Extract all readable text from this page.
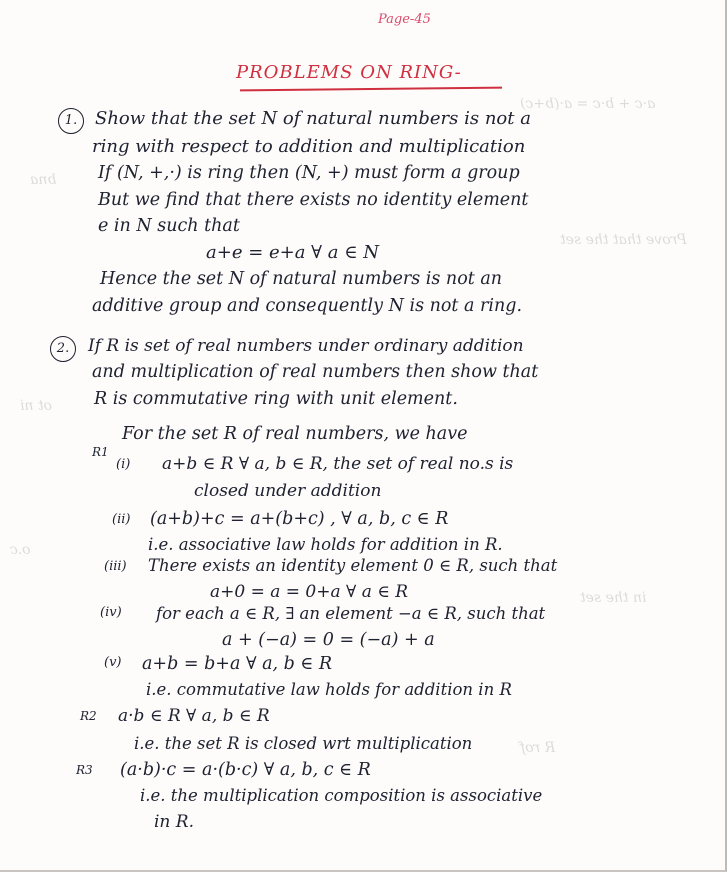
a·c + b·c = a·(b+c)
Prove that the set
bna
ot ni
o.c
in the set
R rof
Page-45
PROBLEMS ON RING-
1. Show that the set N of natural numbers is not a
ring with respect to addition and multiplication
If (N, +,·) is ring then (N, +) must form a group
But we find that there exists no identity element
e in N such that
a+e = e+a ∀ a ∈ N
Hence the set N of natural numbers is not an
additive group and consequently N is not a ring.
2.	If R is set of real numbers under ordinary addition
and multiplication of real numbers then show that
R is commutative ring with unit element.
For the set R of real numbers, we have
R1
(i) a+b ∈ R ∀ a, b ∈ R, the set of real no.s is
closed under addition
(ii) (a+b)+c = a+(b+c) , ∀ a, b, c ∈ R
i.e. associative law holds for addition in R.
(iii) There exists an identity element 0 ∈ R, such that
a+0 = a = 0+a ∀ a ∈ R
(iv) for each a ∈ R, ∃ an element −a ∈ R, such that
a + (−a) = 0 = (−a) + a
(v) a+b = b+a ∀ a, b ∈ R
i.e. commutative law holds for addition in R
R2 a·b ∈ R ∀ a, b ∈ R
i.e. the set R is closed wrt multiplication
R3 (a·b)·c = a·(b·c) ∀ a, b, c ∈ R
i.e. the multiplication composition is associative
in R.
